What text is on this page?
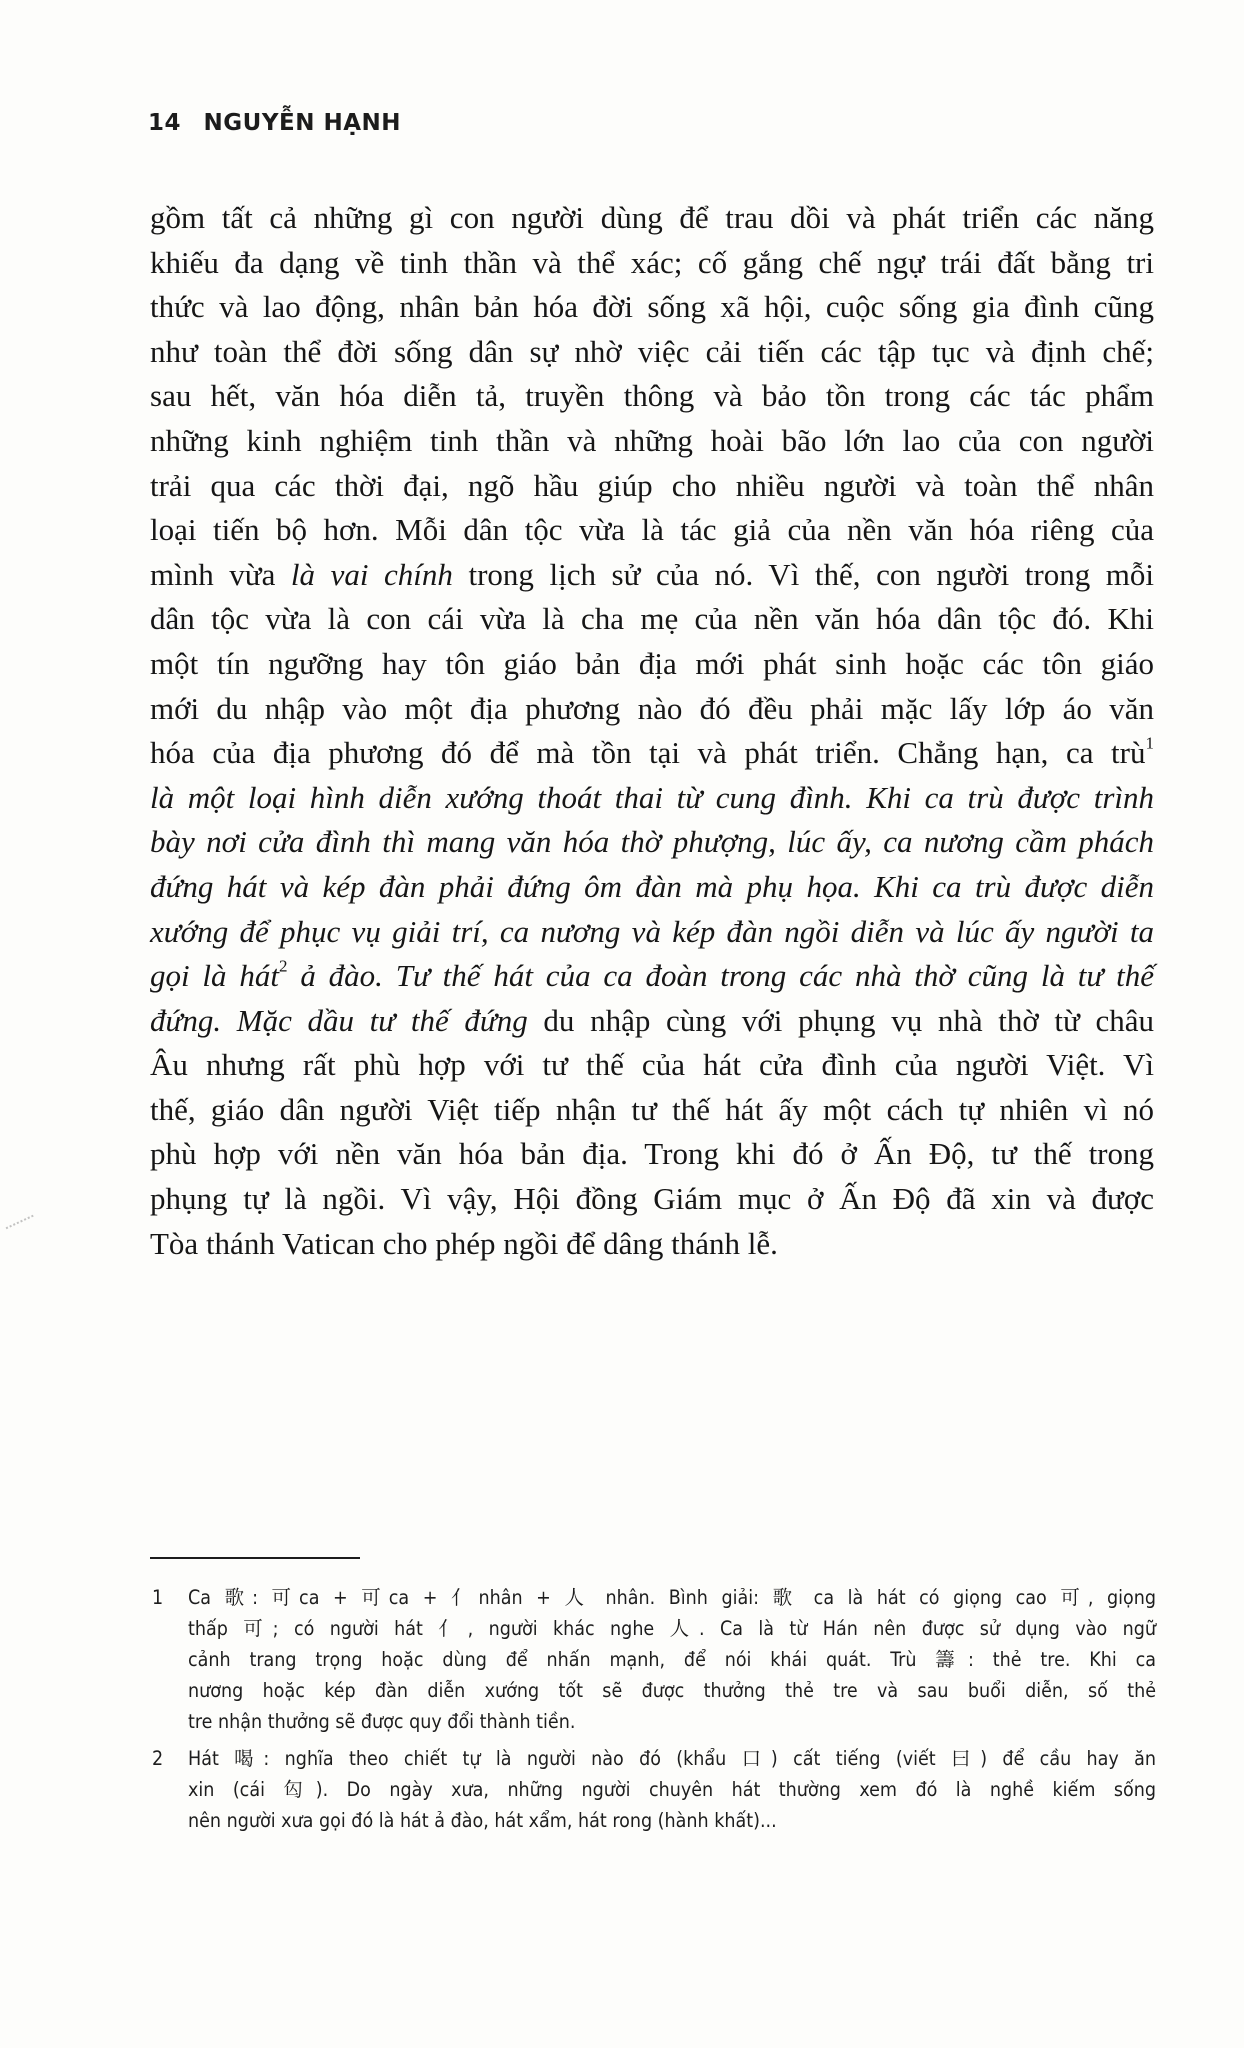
14 NGUYỄN HẠNH
gồm tất cả những gì con người dùng để trau dồi và phát triển các năng
khiếu đa dạng về tinh thần và thể xác; cố gắng chế ngự trái đất bằng tri
thức và lao động, nhân bản hóa đời sống xã hội, cuộc sống gia đình cũng
như toàn thể đời sống dân sự nhờ việc cải tiến các tập tục và định chế;
sau hết, văn hóa diễn tả, truyền thông và bảo tồn trong các tác phẩm
những kinh nghiệm tinh thần và những hoài bão lớn lao của con người
trải qua các thời đại, ngõ hầu giúp cho nhiều người và toàn thể nhân
loại tiến bộ hơn. Mỗi dân tộc vừa là tác giả của nền văn hóa riêng của
mình vừa là vai chính trong lịch sử của nó. Vì thế, con người trong mỗi
dân tộc vừa là con cái vừa là cha mẹ của nền văn hóa dân tộc đó. Khi
một tín ngưỡng hay tôn giáo bản địa mới phát sinh hoặc các tôn giáo
mới du nhập vào một địa phương nào đó đều phải mặc lấy lớp áo văn
hóa của địa phương đó để mà tồn tại và phát triển. Chẳng hạn, ca trù$^1$
là một loại hình diễn xướng thoát thai từ cung đình. Khi ca trù được trình
bày nơi cửa đình thì mang văn hóa thờ phượng, lúc ấy, ca nương cầm phách
đứng hát và kép đàn phải đứng ôm đàn mà phụ họa. Khi ca trù được diễn
xướng để phục vụ giải trí, ca nương và kép đàn ngồi diễn và lúc ấy người ta
gọi là hát$^2$ ả đào. Tư thế hát của ca đoàn trong các nhà thờ cũng là tư thế
đứng. Mặc dầu tư thế đứng du nhập cùng với phụng vụ nhà thờ từ châu
Âu nhưng rất phù hợp với tư thế của hát cửa đình của người Việt. Vì
thế, giáo dân người Việt tiếp nhận tư thế hát ấy một cách tự nhiên vì nó
phù hợp với nền văn hóa bản địa. Trong khi đó ở Ấn Độ, tư thế trong
phụng tự là ngồi. Vì vậy, Hội đồng Giám mục ở Ấn Độ đã xin và được
Tòa thánh Vatican cho phép ngồi để dâng thánh lễ.
1 Ca 歌: 可ca + 可ca + 亻nhân + 人 nhân. Bình giải: 歌 ca là hát có giọng cao 可, giọng
thấp 可; có người hát 亻, người khác nghe 人. Ca là từ Hán nên được sử dụng vào ngữ
cảnh trang trọng hoặc dùng để nhấn mạnh, để nói khái quát. Trù 籌: thẻ tre. Khi ca
nương hoặc kép đàn diễn xướng tốt sẽ được thưởng thẻ tre và sau buổi diễn, số thẻ
tre nhận thưởng sẽ được quy đổi thành tiền.
2 Hát 喝: nghĩa theo chiết tự là người nào đó (khẩu 口) cất tiếng (viết 曰) để cầu hay ăn
xin (cái 匃). Do ngày xưa, những người chuyên hát thường xem đó là nghề kiếm sống
nên người xưa gọi đó là hát ả đào, hát xẩm, hát rong (hành khất)...
